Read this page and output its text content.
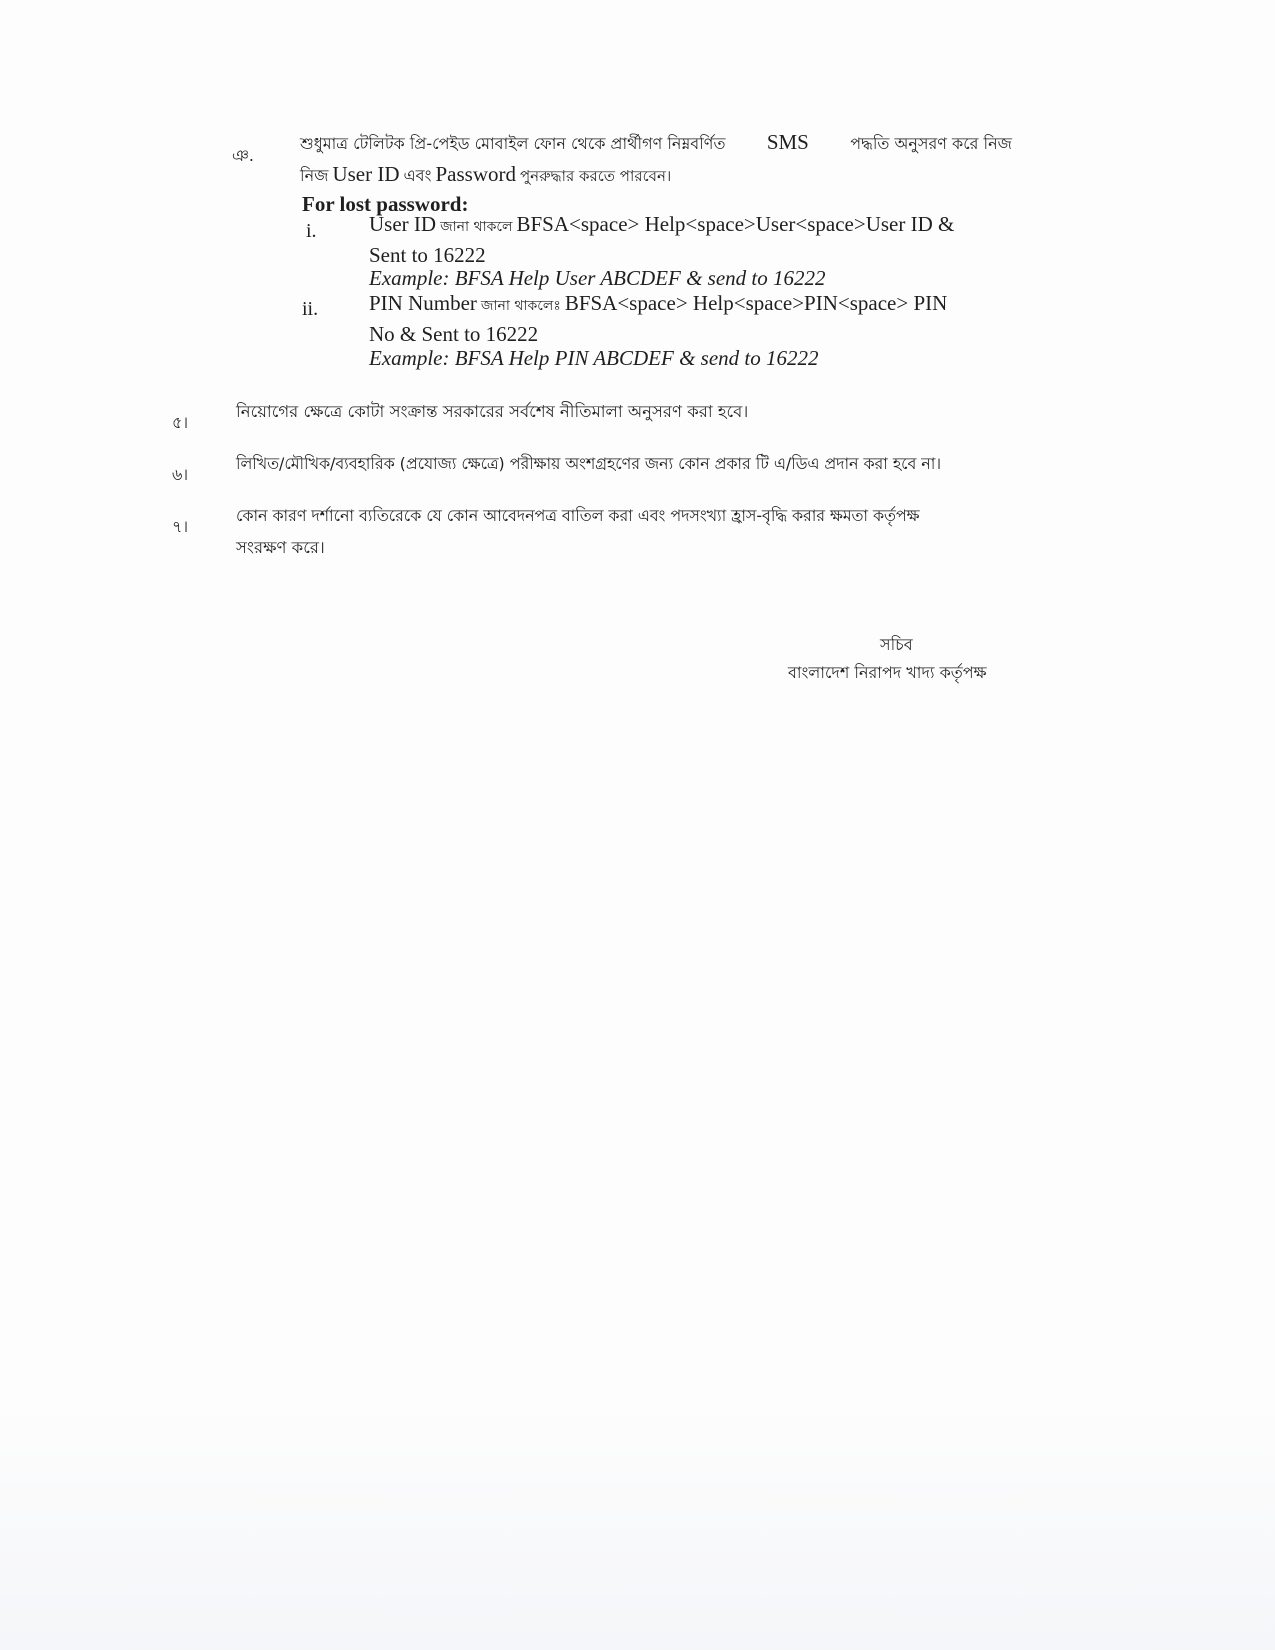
ঞ.
শুধুমাত্র টেলিটক প্রি-পেইড মোবাইল ফোন থেকে প্রার্থীগণ নিম্নবর্ণিত SMS	পদ্ধতি অনুসরণ করে নিজ
নিজ User ID এবং Password পুনরুদ্ধার করতে পারবেন।
For lost password:
i. User ID জানা থাকলে BFSA<space> Help<space>User<space>User ID &
Sent to 16222
Example: BFSA Help User ABCDEF & send to 16222
ii. PIN Number জানা থাকলেঃ BFSA<space> Help<space>PIN<space> PIN
No & Sent to 16222
Example: BFSA Help PIN ABCDEF & send to 16222
৫।
নিয়োগের ক্ষেত্রে কোটা সংক্রান্ত সরকারের সর্বশেষ নীতিমালা অনুসরণ করা হবে।
৬।
লিখিত/মৌখিক/ব্যবহারিক (প্রযোজ্য ক্ষেত্রে) পরীক্ষায় অংশগ্রহণের জন্য কোন প্রকার টি এ/ডিএ প্রদান করা হবে না।
৭।
কোন কারণ দর্শানো ব্যতিরেকে যে কোন আবেদনপত্র বাতিল করা এবং পদসংখ্যা হ্রাস-বৃদ্ধি করার ক্ষমতা কর্তৃপক্ষ
সংরক্ষণ করে।
সচিব
বাংলাদেশ নিরাপদ খাদ্য কর্তৃপক্ষ
